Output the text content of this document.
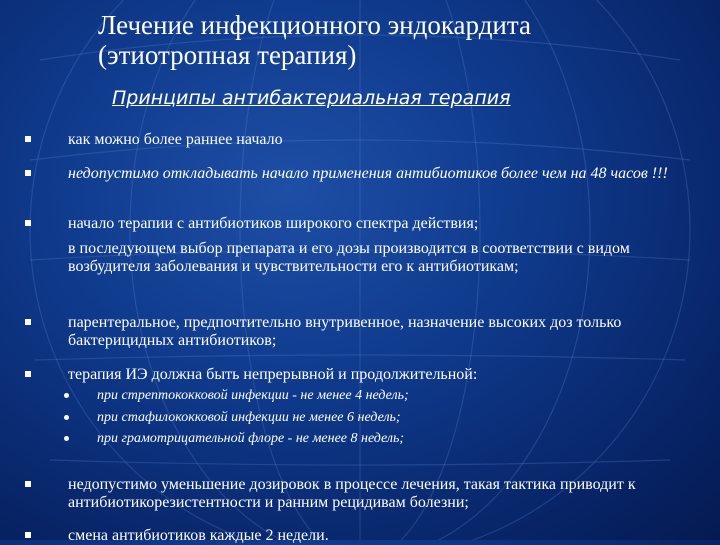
Лечение инфекционного эндокардита
(этиотропная терапия)
Принципы антибактериальная терапия

как можно более раннее начало

недопустимо откладывать начало применения антибиотиков более чем на 48 часов !!!

начало терапии с антибиотиков широкого спектра действия;

в последующем выбор препарата и его дозы производится в соответствии с видом возбудителя заболевания и чувствительности его к антибиотикам;

парентеральное, предпочтительно внутривенное, назначение высоких доз только бактерицидных антибиотиков;

терапия ИЭ должна быть непрерывной и продолжительной:

при стрептококковой инфекции - не менее 4 недель;

при стафилококковой инфекции не менее 6 недель;

при грамотрицательной флоре - не менее 8 недель;

недопустимо уменьшение дозировок в процессе лечения, такая тактика приводит к антибиотикорезистентности и ранним рецидивам болезни;

смена антибиотиков каждые 2 недели.
